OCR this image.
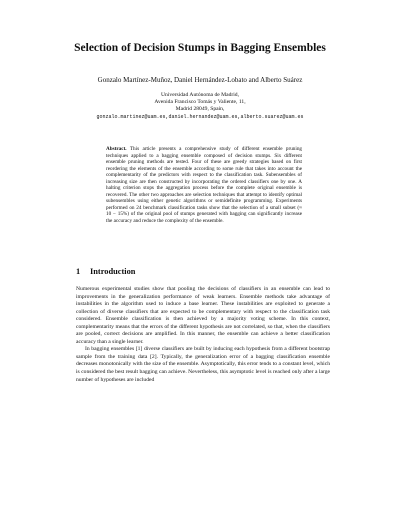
Selection of Decision Stumps in Bagging Ensembles
Gonzalo Martínez-Muñoz, Daniel Hernández-Lobato and Alberto Suárez
Universidad Autónoma de Madrid,
Avenida Francisco Tomás y Valiente, 11,
Madrid 28049, Spain,
gonzalo.martinez@uam.es,daniel.hernandez@uam.es,alberto.suarez@uam.es
Abstract. This article presents a comprehensive study of different ensemble pruning techniques applied to a bagging ensemble composed of decision stumps. Six different ensemble pruning methods are tested. Four of these are greedy strategies based on first reordering the elements of the ensemble according to some rule that takes into account the complementarity of the predictors with respect to the classification task. Subensembles of increasing size are then constructed by incorporating the ordered classifiers one by one. A halting criterion stops the aggregation process before the complete original ensemble is recovered. The other two approaches are selection techniques that attempt to identify optimal subensembles using either genetic algorithms or semidefinite programming. Experiments performed on 24 benchmark classification tasks show that the selection of a small subset (≈ 10 − 15%) of the original pool of stumps generated with bagging can significantly increase the accuracy and reduce the complexity of the ensemble.
1 Introduction

Numerous experimental studies show that pooling the decisions of classifiers in an ensemble can lead to improvements in the generalization performance of weak learners. Ensemble methods take advantage of instabilities in the algorithm used to induce a base learner. These instabilities are exploited to generate a collection of diverse classifiers that are expected to be complementary with respect to the classification task considered. Ensemble classification is then achieved by a majority voting scheme. In this context, complementarity means that the errors of the different hypothesis are not correlated, so that, when the classifiers are pooled, correct decisions are amplified. In this manner, the ensemble can achieve a better classification accuracy than a single learner.

In bagging ensembles [1] diverse classifiers are built by inducing each hypothesis from a different bootstrap sample from the training data [2]. Typically, the generalization error of a bagging classification ensemble decreases monotonically with the size of the ensemble. Asymptotically, this error tends to a constant level, which is considered the best result bagging can achieve. Nevertheless, this asymptotic level is reached only after a large number of hypotheses are included
